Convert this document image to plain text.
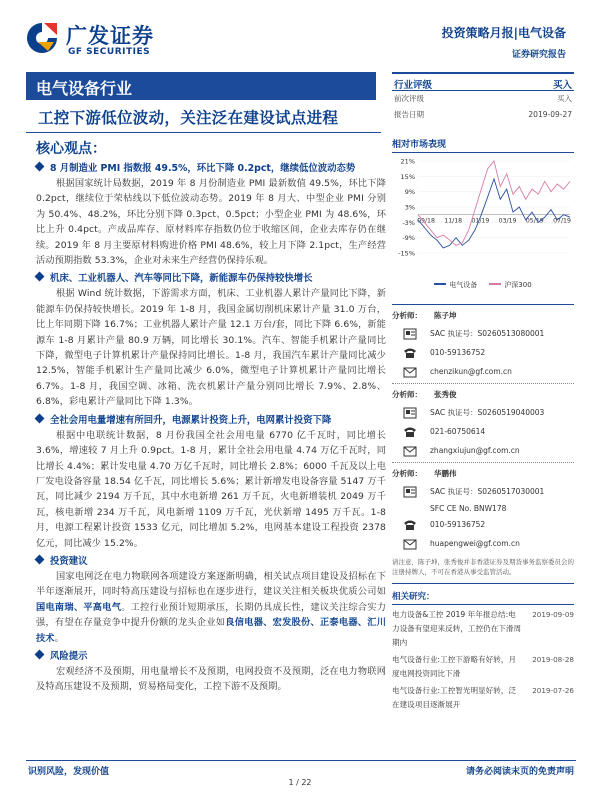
广发证券
GF SECURITIES
投资策略月报|电气设备
证券研究报告
电气设备行业
工控下游低位波动，关注泛在建设试点进程
核心观点：
8 月制造业 PMI 指数报 49.5%，环比下降 0.2pct，继续低位波动态势
根据国家统计局数据，2019 年 8 月份制造业 PMI 最新数值 49.5%，环比下降 0.2pct，继续位于荣枯线以下低位波动态势。2019 年 8 月大、中型企业 PMI 分别为 50.4%、48.2%，环比分别下降 0.3pct、0.5pct；小型企业 PMI 为 48.6%，环比上升 0.4pct。产成品库存、原材料库存指数仍位于收缩区间，企业去库存仍在继续。2019 年 8 月主要原材料购进价格 PMI 48.6%，较上月下降 2.1pct，生产经营活动预期指数 53.3%，企业对未来生产经营仍保持乐观。
机床、工业机器人、汽车等同比下降，新能源车仍保持较快增长
根据 Wind 统计数据，下游需求方面，机床、工业机器人累计产量同比下降，新能源车仍保持较快增长。2019 年 1-8 月，我国金属切削机床累计产量 31.0 万台，比上年同期下降 16.7%；工业机器人累计产量 12.1 万台/套，同比下降 6.6%，新能源车 1-8 月累计产量 80.9 万辆，同比增长 30.1%。汽车、智能手机累计产量同比下降，微型电子计算机累计产量保持同比增长。1-8 月，我国汽车累计产量同比减少 12.5%，智能手机累计生产量同比减少 6.0%，微型电子计算机累计产量同比增长 6.7%。1-8 月，我国空调、冰箱、洗衣机累计产量分别同比增长 7.9%、2.8%、6.8%，彩电累计产量同比下降 1.3%。
全社会用电量增速有所回升，电源累计投资上升，电网累计投资下降
根据中电联统计数据，8 月份我国全社会用电量 6770 亿千瓦时，同比增长 3.6%，增速较 7 月上升 0.9pct。1-8 月，累计全社会用电量 4.74 万亿千瓦时，同比增长 4.4%；累计发电量 4.70 万亿千瓦时，同比增长 2.8%；6000 千瓦及以上电厂发电设备容量 18.54 亿千瓦，同比增长 5.6%；累计新增发电设备容量 5147 万千瓦，同比减少 2194 万千瓦，其中水电新增 261 万千瓦，火电新增装机 2049 万千瓦，核电新增 234 万千瓦，风电新增 1109 万千瓦，光伏新增 1495 万千瓦。1-8 月，电源工程累计投资 1533 亿元，同比增加 5.2%，电网基本建设工程投资 2378 亿元，同比减少 15.2%。
投资建议
国家电网泛在电力物联网各项建设方案逐渐明确，相关试点项目建设及招标在下半年逐渐展开，同时特高压建设与招标也在逐步进行，建议关注相关板块优质公司如国电南瑞、平高电气。工控行业预计短期承压，长期仍具成长性，建议关注综合实力强，有望在存量竞争中提升份额的龙头企业如良信电器、宏发股份、正泰电器、汇川技术。
风险提示
宏观经济不及预期，用电量增长不及预期，电网投资不及预期，泛在电力物联网及特高压建设不及预期，贸易格局变化，工控下游不及预期。
行业评级	买入
前次评级	买入
报告日期	2019-09-27
相对市场表现
21%
15%
9%
3%
-3%
-9%
-15%
09/18 11/18 01/19 03/19 05/19 07/19
电气设备	沪深300
分析师： 陈子坤
SAC 执证号：S0260513080001
010-59136752
chenzikun@gf.com.cn
分析师： 张秀俊
SAC 执证号：S0260519040003
021-60750614
zhangxiujun@gf.com.cn
分析师： 华鹏伟
SAC 执证号：S0260517030001
SFC CE No. BNW178
010-59136752
huapengwei@gf.com.cn
请注意，陈子坤，张秀俊并非香港证券及期货事务监察委员会的注册持牌人，不可在香港从事受监管活动。
相关研究：
电力设备&工控 2019 年年报总结:电力设备有望迎来反转，工控仍在下滑周期内
2019-09-09
电气设备行业:工控下游略有好转，月度电网投资同比下滑
2019-08-28
电气设备行业:工控智光明显好转，泛在建设项目逐渐展开
2019-07-26
识别风险，发现价值	请务必阅读末页的免责声明
1 / 22
